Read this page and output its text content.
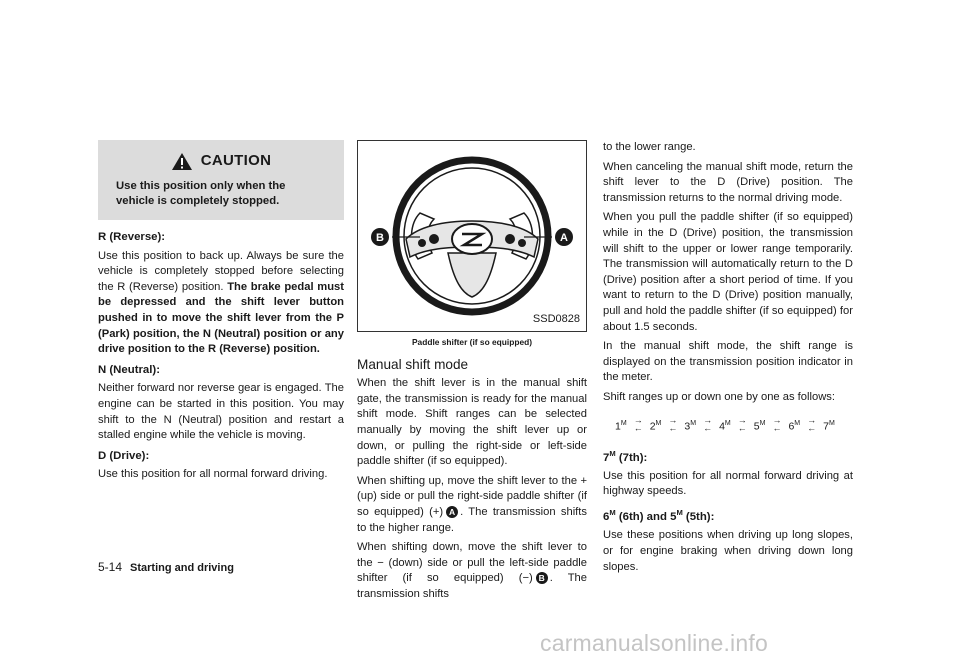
CAUTION
Use this position only when the vehicle is completely stopped.
R (Reverse):

Use this position to back up. Always be sure the vehicle is completely stopped before selecting the R (Reverse) position. The brake pedal must be depressed and the shift lever button pushed in to move the shift lever from the P (Park) position, the N (Neutral) position or any drive position to the R (Reverse) position.

N (Neutral):

Neither forward nor reverse gear is engaged. The engine can be started in this position. You may shift to the N (Neutral) position and restart a stalled engine while the vehicle is moving.

D (Drive):

Use this position for all normal forward driving.

B	A
SSD0828
Paddle shifter (if so equipped)
Manual shift mode

When the shift lever is in the manual shift gate, the transmission is ready for the manual shift mode. Shift ranges can be selected manually by moving the shift lever up or down, or pulling the right-side or left-side paddle shifter (if so equipped).

When shifting up, move the shift lever to the + (up) side or pull the right-side paddle shifter (if so equipped) (+) A . The transmission shifts to the higher range.

When shifting down, move the shift lever to the − (down) side or pull the left-side paddle shifter (if so equipped) (−) B . The transmission shifts

to the lower range.

When canceling the manual shift mode, return the shift lever to the D (Drive) position. The transmission returns to the normal driving mode.

When you pull the paddle shifter (if so equipped) while in the D (Drive) position, the transmission will shift to the upper or lower range temporarily. The transmission will automatically return to the D (Drive) position after a short period of time. If you want to return to the D (Drive) position manually, pull and hold the paddle shifter (if so equipped) for about 1.5 seconds.

In the manual shift mode, the shift range is displayed on the transmission position indicator in the meter.

Shift ranges up or down one by one as follows:

$1^M$ →
← $2^M$ →
← $3^M$ →
← $4^M$ →
← $5^M$ →
← $6^M$ →
← $7^M$
$7^M$ (7th):

Use this position for all normal forward driving at highway speeds.

$6^M$ (6th) and $5^M$ (5th):

Use these positions when driving up long slopes, or for engine braking when driving down long slopes.

5-14 Starting and driving
carmanualsonline.info
